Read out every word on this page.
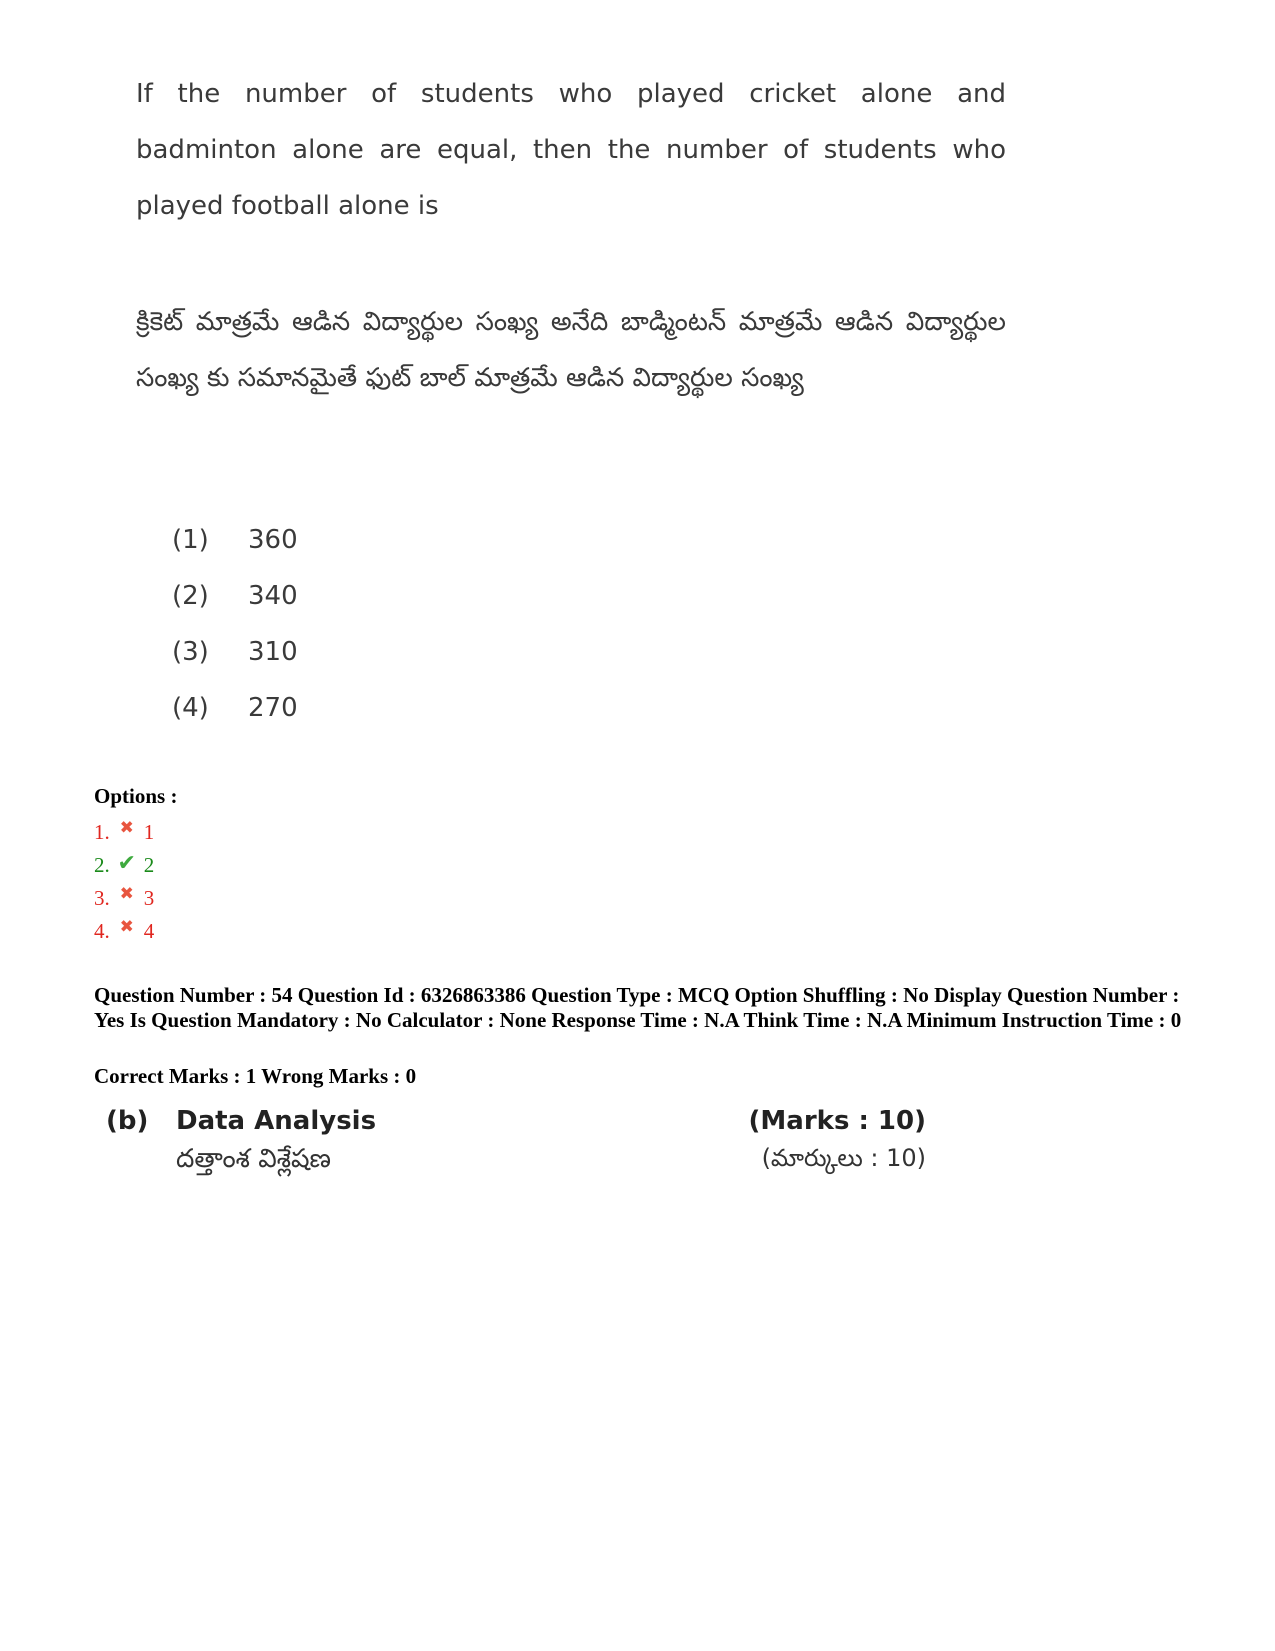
If the number of students who played cricket alone and badminton alone are equal, then the number of students who played football alone is

క్రికెట్ మాత్రమే ఆడిన విద్యార్థుల సంఖ్య అనేది బాడ్మింటన్ మాత్రమే ఆడిన విద్యార్థుల సంఖ్య కు సమానమైతే ఫుట్ బాల్ మాత్రమే ఆడిన విద్యార్థుల సంఖ్య

(1)	360
(2)	340
(3)	310
(4)	270
Options :
1. ✖ 1
2. ✔ 2
3. ✖ 3
4. ✖ 4
Question Number : 54 Question Id : 6326863386 Question Type : MCQ Option Shuffling : No Display Question Number : Yes Is Question Mandatory : No Calculator : None Response Time : N.A Think Time : N.A Minimum Instruction Time : 0
Correct Marks : 1 Wrong Marks : 0
(b) Data Analysis	(Marks : 10)
దత్తాంశ విశ్లేషణ	(మార్కులు : 10)
